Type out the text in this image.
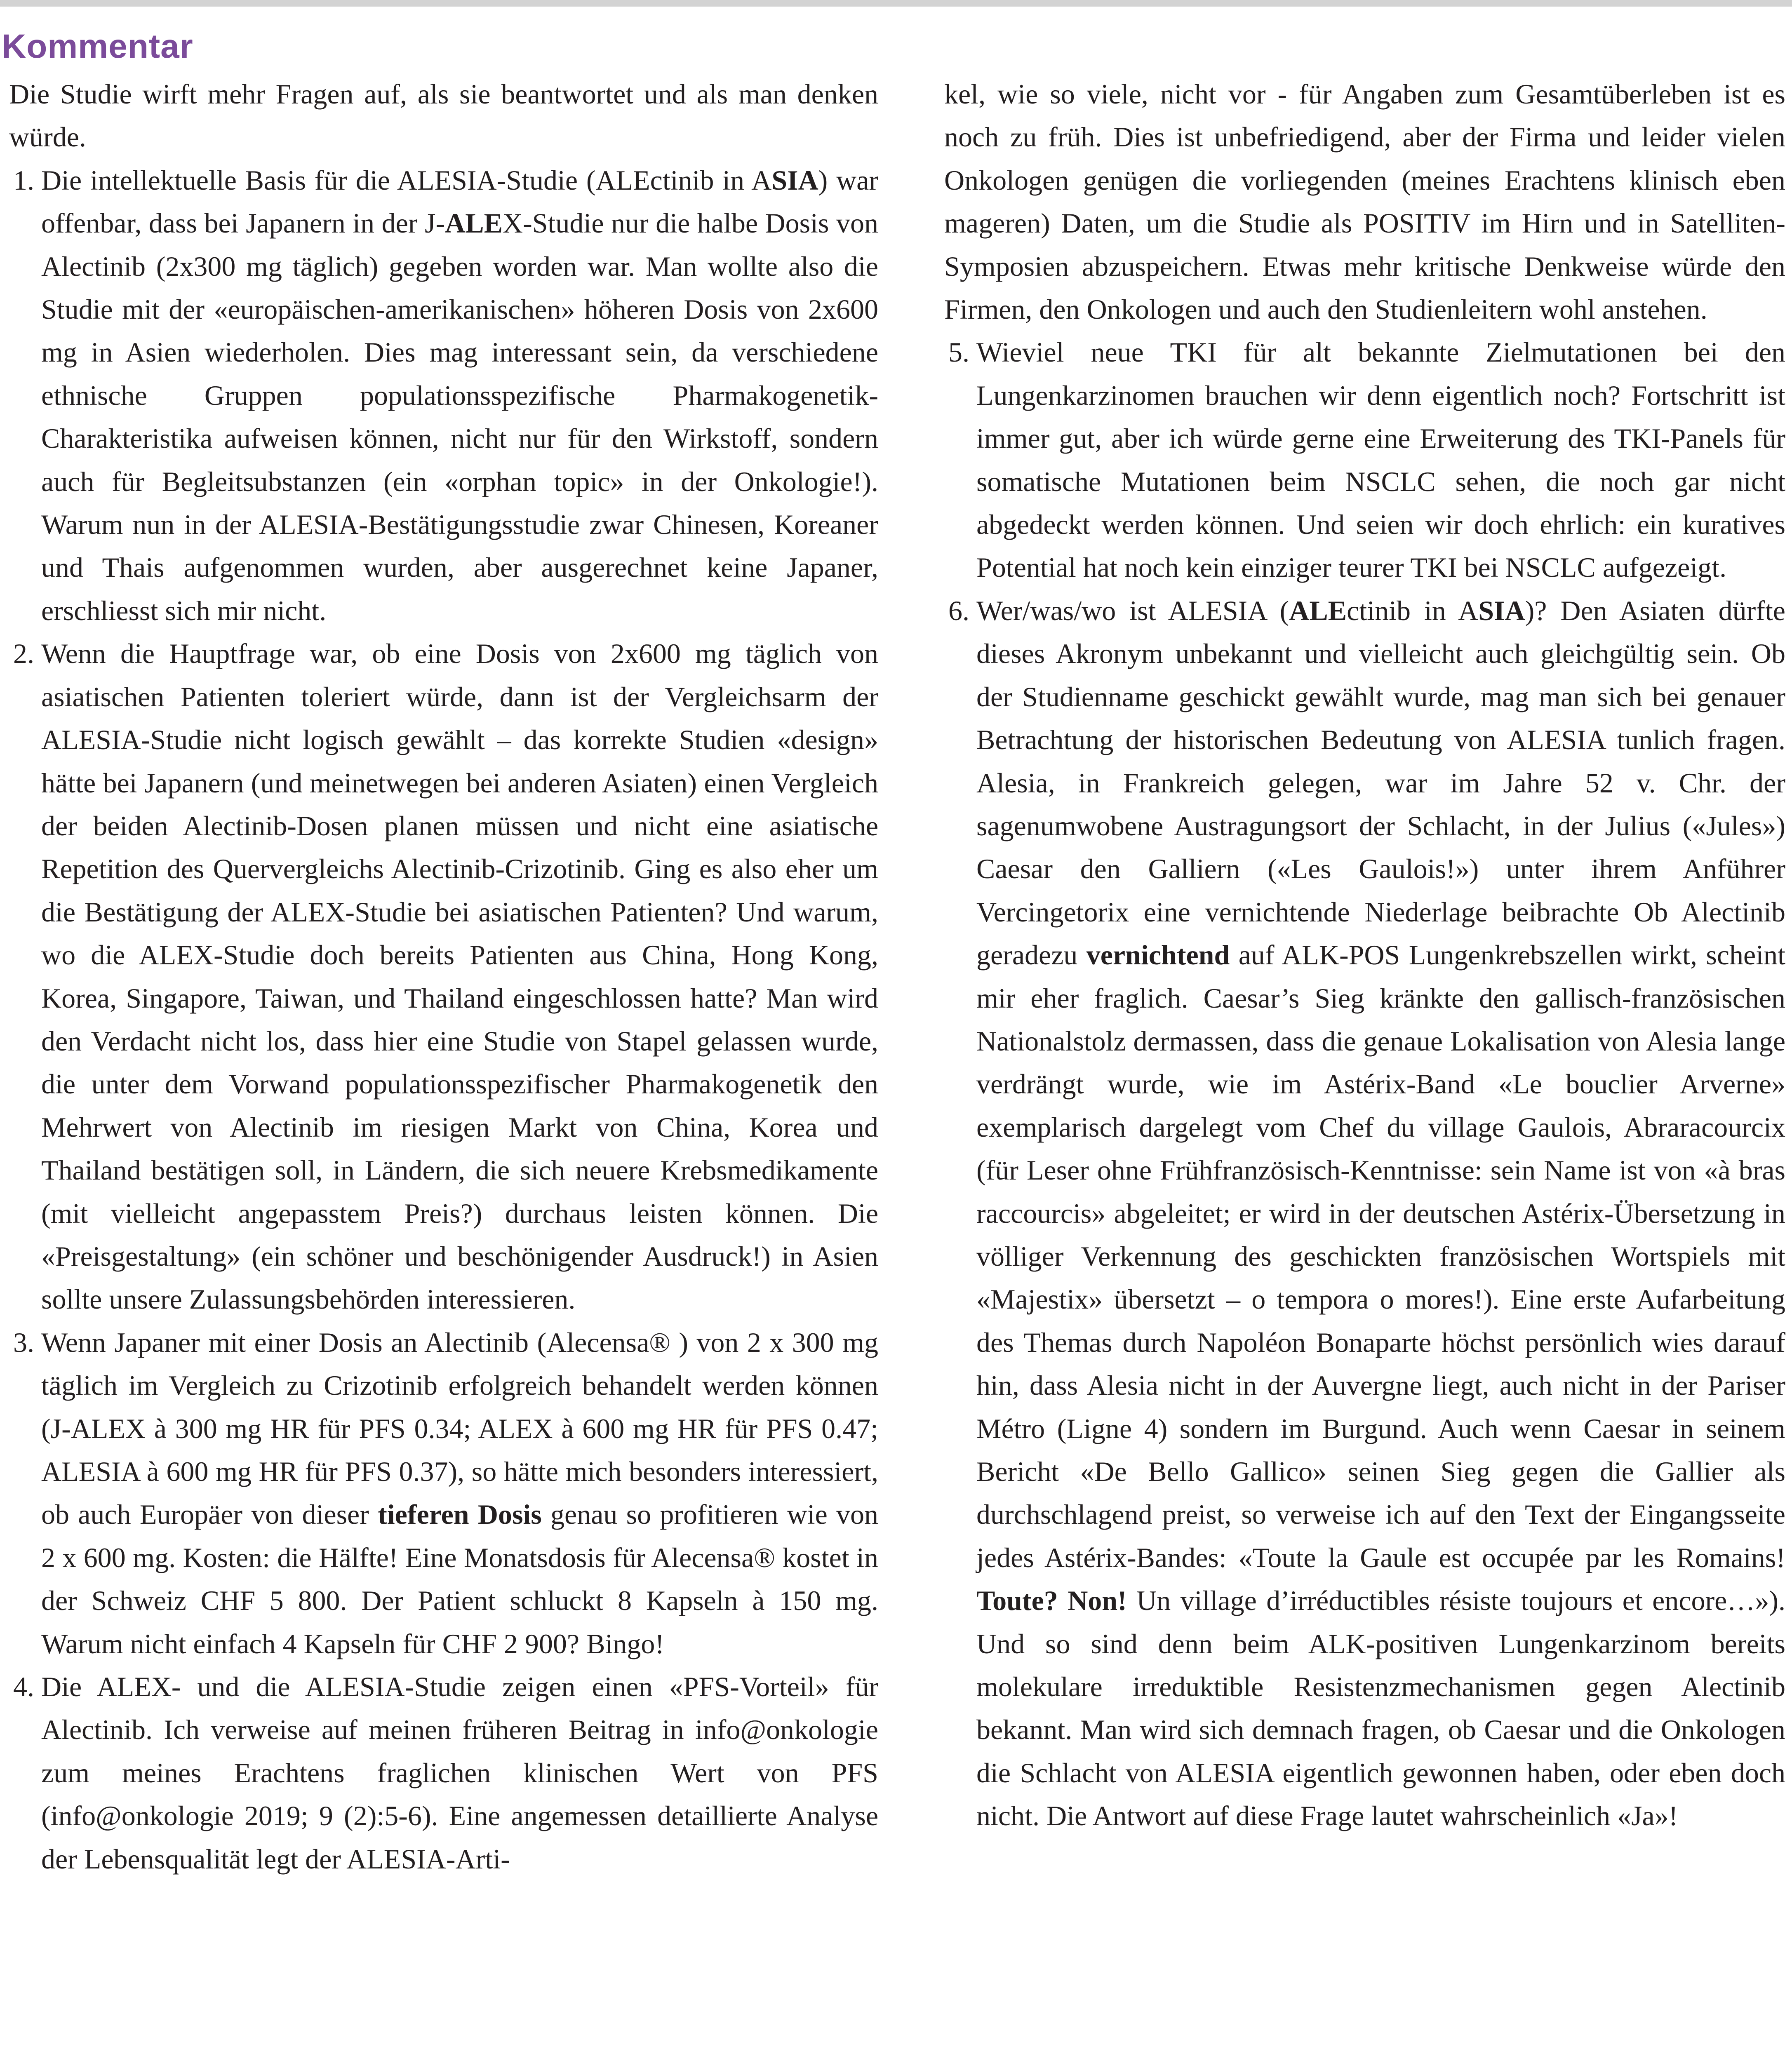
Kommentar

Die Studie wirft mehr Fragen auf, als sie beantwortet und als man denken würde.

1. Die intellektuelle Basis für die ALESIA-Studie (ALEctinib in ASIA) war offenbar, dass bei Japanern in der J-ALEX-Studie nur die halbe Dosis von Alectinib (2x300 mg täglich) gegeben worden war. Man wollte also die Studie mit der «europäischen-amerikanischen» höheren Dosis von 2x600 mg in Asien wiederholen. Dies mag interessant sein, da verschiedene ethnische Gruppen populationsspezifische Pharmakogenetik-Charakteristika aufweisen können, nicht nur für den Wirkstoff, sondern auch für Begleitsubstanzen (ein «orphan topic» in der Onkologie!). Warum nun in der ALESIA-Bestätigungsstudie zwar Chinesen, Koreaner und Thais aufgenommen wurden, aber ausgerechnet keine Japaner, erschliesst sich mir nicht.
2. Wenn die Hauptfrage war, ob eine Dosis von 2x600 mg täglich von asiatischen Patienten toleriert würde, dann ist der Vergleichsarm der ALESIA-Studie nicht logisch gewählt – das korrekte Studien «design» hätte bei Japanern (und meinetwegen bei anderen Asiaten) einen Vergleich der beiden Alectinib-Dosen planen müssen und nicht eine asiatische Repetition des Quervergleichs Alectinib-Crizotinib. Ging es also eher um die Bestätigung der ALEX-Studie bei asiatischen Patienten? Und warum, wo die ALEX-Studie doch bereits Patienten aus China, Hong Kong, Korea, Singapore, Taiwan, und Thailand eingeschlossen hatte? Man wird den Verdacht nicht los, dass hier eine Studie von Stapel gelassen wurde, die unter dem Vorwand populationsspezifischer Pharmakogenetik den Mehrwert von Alectinib im riesigen Markt von China, Korea und Thailand bestätigen soll, in Ländern, die sich neuere Krebsmedikamente (mit vielleicht angepasstem Preis?) durchaus leisten können. Die «Preisgestaltung» (ein schöner und beschönigender Ausdruck!) in Asien sollte unsere Zulassungsbehörden interessieren.
3. Wenn Japaner mit einer Dosis an Alectinib (Alecensa® ) von 2 x 300 mg täglich im Vergleich zu Crizotinib erfolgreich behandelt werden können (J-ALEX à 300 mg HR für PFS 0.34; ALEX à 600 mg HR für PFS 0.47; ALESIA à 600 mg HR für PFS 0.37), so hätte mich besonders interessiert, ob auch Europäer von dieser tieferen Dosis genau so profitieren wie von 2 x 600 mg. Kosten: die Hälfte! Eine Monatsdosis für Alecensa® kostet in der Schweiz CHF 5 800. Der Patient schluckt 8 Kapseln à 150 mg. Warum nicht einfach 4 Kapseln für CHF 2 900? Bingo!
4. Die ALEX- und die ALESIA-Studie zeigen einen «PFS-Vorteil» für Alectinib. Ich verweise auf meinen früheren Beitrag in info@onkologie zum meines Erachtens fraglichen klinischen Wert von PFS (info@onkologie 2019; 9 (2):5-6). Eine angemessen detaillierte Analyse der Lebensqualität legt der ALESIA-Arti-

kel, wie so viele, nicht vor - für Angaben zum Gesamtüberleben ist es noch zu früh. Dies ist unbefriedigend, aber der Firma und leider vielen Onkologen genügen die vorliegenden (meines Erachtens klinisch eben mageren) Daten, um die Studie als POSITIV im Hirn und in Satelliten-Symposien abzuspeichern. Etwas mehr kritische Denkweise würde den Firmen, den Onkologen und auch den Studienleitern wohl anstehen.

5. Wieviel neue TKI für alt bekannte Zielmutationen bei den Lungenkarzinomen brauchen wir denn eigentlich noch? Fortschritt ist immer gut, aber ich würde gerne eine Erweiterung des TKI-Panels für somatische Mutationen beim NSCLC sehen, die noch gar nicht abgedeckt werden können. Und seien wir doch ehrlich: ein kuratives Potential hat noch kein einziger teurer TKI bei NSCLC aufgezeigt.
6. Wer/was/wo ist ALESIA (ALEctinib in ASIA)? Den Asiaten dürfte dieses Akronym unbekannt und vielleicht auch gleichgültig sein. Ob der Studienname geschickt gewählt wurde, mag man sich bei genauer Betrachtung der historischen Bedeutung von ALESIA tunlich fragen. Alesia, in Frankreich gelegen, war im Jahre 52 v. Chr. der sagenumwobene Austragungsort der Schlacht, in der Julius («Jules») Caesar den Galliern («Les Gaulois!») unter ihrem Anführer Vercingetorix eine vernichtende Niederlage beibrachte Ob Alectinib geradezu vernichtend auf ALK-POS Lungenkrebszellen wirkt, scheint mir eher fraglich. Caesar’s Sieg kränkte den gallisch-französischen Nationalstolz dermassen, dass die genaue Lokalisation von Alesia lange verdrängt wurde, wie im Astérix-Band «Le bouclier Arverne» exemplarisch dargelegt vom Chef du village Gaulois, Abraracourcix (für Leser ohne Frühfranzösisch-Kenntnisse: sein Name ist von «à bras raccourcis» abgeleitet; er wird in der deutschen Astérix-Übersetzung in völliger Verkennung des geschickten französischen Wortspiels mit «Majestix» übersetzt – o tempora o mores!). Eine erste Aufarbeitung des Themas durch Napoléon Bonaparte höchst persönlich wies darauf hin, dass Alesia nicht in der Auvergne liegt, auch nicht in der Pariser Métro (Ligne 4) sondern im Burgund. Auch wenn Caesar in seinem Bericht «De Bello Gallico» seinen Sieg gegen die Gallier als durchschlagend preist, so verweise ich auf den Text der Eingangsseite jedes Astérix-Bandes: «Toute la Gaule est occupée par les Romains! Toute? Non! Un village d’irréductibles résiste toujours et encore…»). Und so sind denn beim ALK-positiven Lungenkarzinom bereits molekulare irreduktible Resistenzmechanismen gegen Alectinib bekannt. Man wird sich demnach fragen, ob Caesar und die Onkologen die Schlacht von ALESIA eigentlich gewonnen haben, oder eben doch nicht. Die Antwort auf diese Frage lautet wahrscheinlich «Ja»!
